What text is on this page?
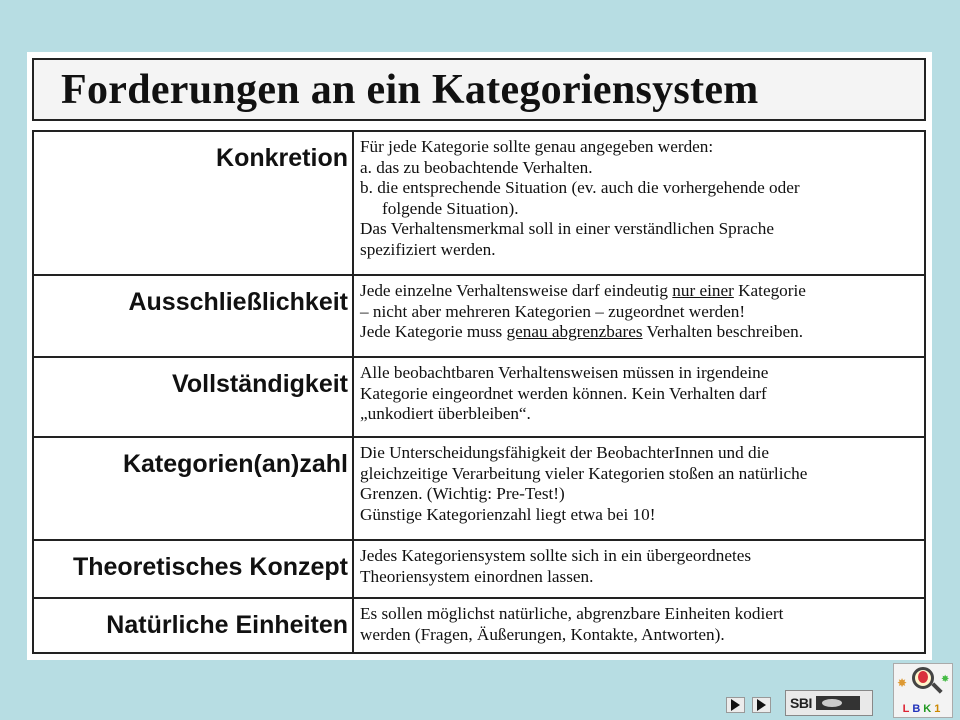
Forderungen an ein Kategoriensystem
Konkretion Für jede Kategorie sollte genau angegeben werden:
a. das zu beobachtende Verhalten.
b. die entsprechende Situation (ev. auch die vorhergehende oder
folgende Situation).
Das Verhaltensmerkmal soll in einer verständlichen Sprache
spezifiziert werden.
Ausschließlichkeit Jede einzelne Verhaltensweise darf eindeutig nur einer Kategorie
– nicht aber mehreren Kategorien – zugeordnet werden!
Jede Kategorie muss genau abgrenzbares Verhalten beschreiben.
Vollständigkeit Alle beobachtbaren Verhaltensweisen müssen in irgendeine
Kategorie eingeordnet werden können. Kein Verhalten darf
„unkodiert überbleiben“.
Kategorien(an)zahl Die Unterscheidungsfähigkeit der BeobachterInnen und die
gleichzeitige Verarbeitung vieler Kategorien stoßen an natürliche
Grenzen. (Wichtig: Pre-Test!)
Günstige Kategorienzahl liegt etwa bei 10!
Theoretisches Konzept Jedes Kategoriensystem sollte sich in ein übergeordnetes
Theoriensystem einordnen lassen.
Natürliche Einheiten Es sollen möglichst natürliche, abgrenzbare Einheiten kodiert
werden (Fragen, Äußerungen, Kontakte, Antworten).
SBI
✸	✸
LBK1
